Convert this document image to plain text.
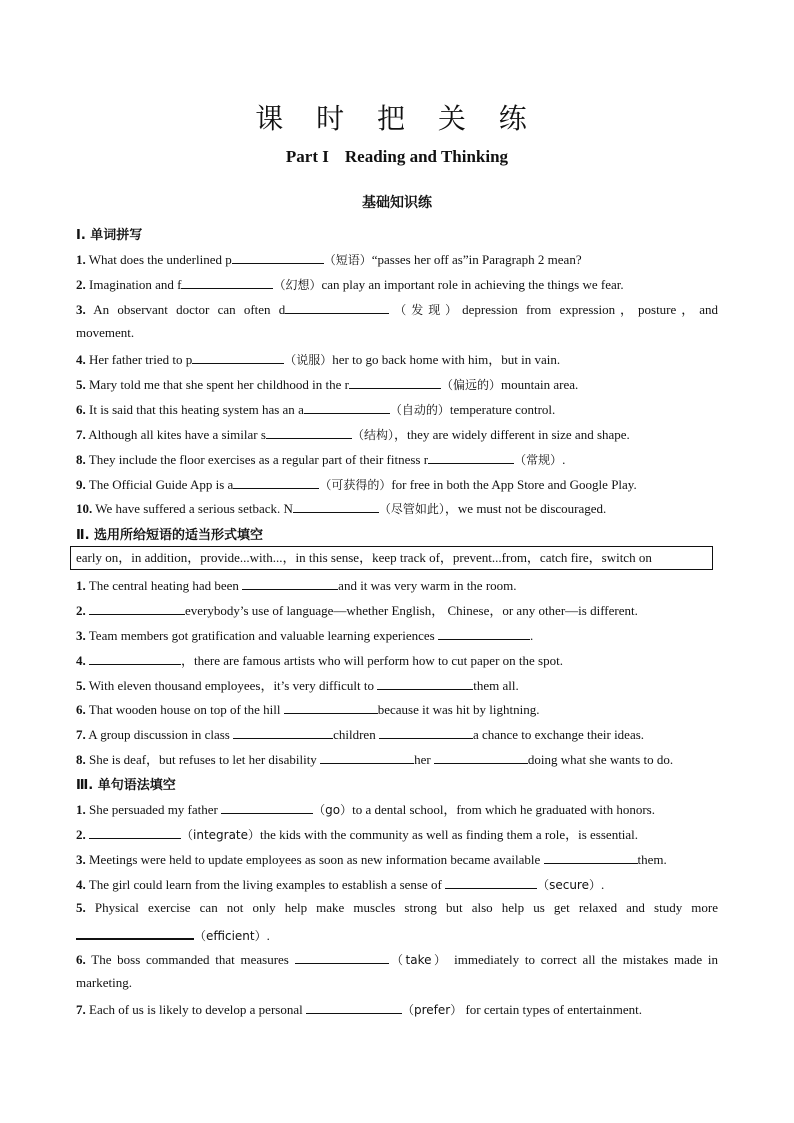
课 时 把 关 练
Part I Reading and Thinking
基础知识练
Ⅰ. 单词拼写
1. What does the underlined p	（短语）“passes her off as”in Paragraph 2 mean?
2. Imagination and f	（幻想）can play an important role in achieving the things we fear.
3. An observant doctor can often d	（发现）depression from expression，posture，and
movement.
4. Her father tried to p	（说服）her to go back home with him，but in vain.
5. Mary told me that she spent her childhood in the r	（偏远的）mountain area.
6. It is said that this heating system has an a	（自动的）temperature control.
7. Although all kites have a similar s	（结构），they are widely different in size and shape.
8. They include the floor exercises as a regular part of their fitness r	（常规）.
9. The Official Guide App is a	（可获得的）for free in both the App Store and Google Play.
10. We have suffered a serious setback. N	（尽管如此），we must not be discouraged.
Ⅱ. 选用所给短语的适当形式填空
early on，in addition，provide...with...，in this sense，keep track of，prevent...from，catch fire，switch on
1. The central heating had been	and it was very warm in the room.
2.	everybody’s use of language—whether English， Chinese，or any other—is different.
3. Team members got gratification and valuable learning experiences	.
4.	，there are famous artists who will perform how to cut paper on the spot.
5. With eleven thousand employees，it’s very difficult to	them all.
6. That wooden house on top of the hill	because it was hit by lightning.
7. A group discussion in class	children	a chance to exchange their ideas.
8. She is deaf，but refuses to let her disability	her	doing what she wants to do.
Ⅲ. 单句语法填空
1. She persuaded my father	（go）to a dental school，from which he graduated with honors.
2.	（integrate）the kids with the community as well as finding them a role，is essential.
3. Meetings were held to update employees as soon as new information became available	them.
4. The girl could learn from the living examples to establish a sense of	（secure）.
5. Physical exercise can not only help make muscles strong but also help us get relaxed and study more
（efficient）.
6. The boss commanded that measures	（take） immediately to correct all the mistakes made in
marketing.
7. Each of us is likely to develop a personal	（prefer） for certain types of entertainment.
